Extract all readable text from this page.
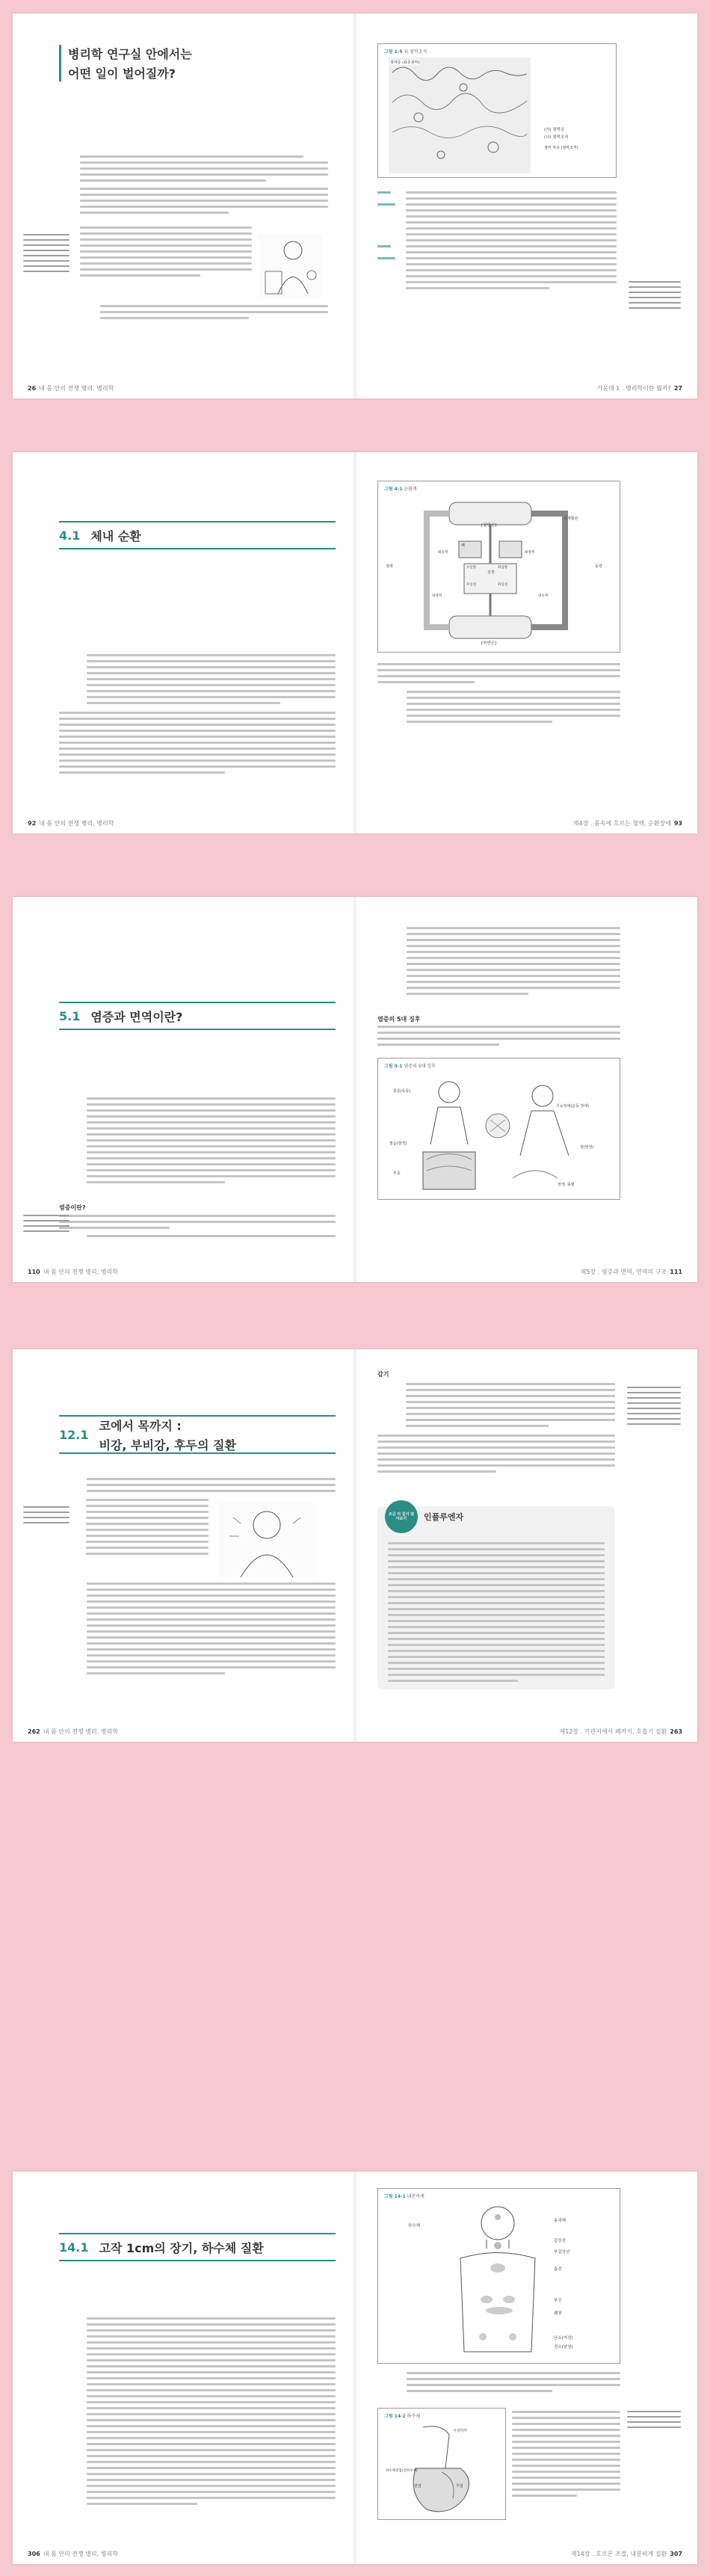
병리학 연구실 안에서는
어떤 일이 벌어질까?
26 내 몸 안의 전쟁 병리, 병리학
그림 1-5 위 점막조직
점막층 (표층점막)
(가) 점막층
(나) 점막조직
점막 하층 (점막조직)
가운데 1 . 병리학이란 뭘까? 27
4.1 체내 순환
92 내 몸 안의 전쟁 병리, 병리학
그림 4-1 순환계
[상반신]
[하반신]
모세혈관
정맥	동맥
폐
심장
우심방	좌심방
우심실	좌심실
대동맥
대정맥
폐동맥	폐정맥
제4장 . 몸속에 흐르는 혈액, 순환장애 93
5.1 염증과 면역이란?
염증이란?
110 내 몸 안의 전쟁 병리, 병리학
염증의 5대 징후
그림 5-1 염증의 5대 징후
통증(동통)
기능장애(운동 장애)
붉음(발적)
열(발열)
부종
장액, 출혈
제5장 . 염증과 면역, 면역의 구조 111
12.1
코에서 목까지 :
비강, 부비강, 후두의 질환
262 내 몸 안의 전쟁 병리, 병리학
감기
조금 더 깊이 알아보기	인플루엔자
제12장 . 기관지에서 폐까지, 호흡기 질환 263
14.1 고작 1cm의 장기, 하수체 질환
306 내 몸 안의 전쟁 병리, 병리학
그림 14-1 내분비계
송과체
갑상선
부갑상선
흉선
부신
췌장
난소(여성)
정소(남성)
하수체
그림 14-2 하수체
시상하부
전엽	후엽
하수체전엽(선하수체)
제14장 . 호르몬 조절, 내분비계 질환 307
